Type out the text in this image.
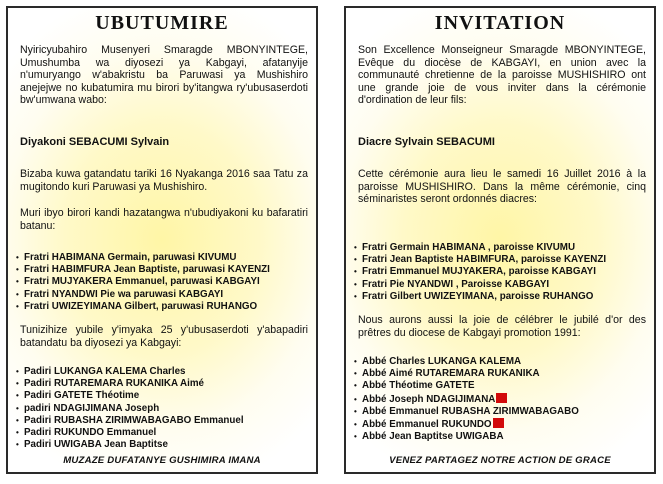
UBUTUMIRE

Nyiricyubahiro Musenyeri Smaragde MBONYINTEGE, Umushumba wa diyosezi ya Kabgayi, afatanyije n'umuryango w'abakristu ba Paruwasi ya Mushishiro anejejwe no kubatumira mu birori by'itangwa ry'ubusaserdoti bw'umwana wabo:

Diyakoni SEBACUMI Sylvain

Bizaba kuwa gatandatu tariki 16 Nyakanga 2016 saa Tatu za mugitondo kuri Paruwasi ya Mushishiro.

Muri ibyo birori kandi hazatangwa n'ubudiyakoni ku bafaratiri batanu:

• Fratri HABIMANA Germain, paruwasi KIVUMU
• Fratri HABIMFURA Jean Baptiste, paruwasi KAYENZI
• Fratri MUJYAKERA Emmanuel, paruwasi KABGAYI
• Fratri NYANDWI Pie wa paruwasi KABGAYI
• Fratri UWIZEYIMANA Gilbert, paruwasi RUHANGO

Tunizihize yubile y'imyaka 25 y'ubusaserdoti y'abapadiri batandatu ba diyosezi ya Kabgayi:

• Padiri LUKANGA KALEMA Charles
• Padiri RUTAREMARA RUKANIKA Aimé
• Padiri GATETE Théotime
• padiri NDAGIJIMANA Joseph
• Padiri RUBASHA ZIRIMWABAGABO Emmanuel
• Padiri RUKUNDO Emmanuel
• Padiri UWIGABA Jean Baptitse

MUZAZE DUFATANYE GUSHIMIRA IMANA

INVITATION

Son Excellence Monseigneur Smaragde MBONYINTEGE, Evêque du diocèse de KABGAYI, en union avec la communauté chretienne de la paroisse MUSHISHIRO ont une grande joie de vous inviter dans la cérémonie d'ordination de leur fils:

Diacre Sylvain SEBACUMI

Cette cérémonie aura lieu le samedi 16 Juillet 2016 à la paroisse MUSHISHIRO. Dans la même cérémonie, cinq séminaristes seront ordonnés diacres:

• Fratri Germain HABIMANA , paroisse KIVUMU
• Fratri Jean Baptiste HABIMFURA, paroisse KAYENZI
• Fratri Emmanuel MUJYAKERA, paroisse KABGAYI
• Fratri Pie NYANDWI , Paroisse KABGAYI
• Fratri Gilbert UWIZEYIMANA, paroisse RUHANGO

Nous aurons aussi la joie de célébrer le jubilé d'or des prêtres du diocese de Kabgayi promotion 1991:

• Abbé Charles LUKANGA KALEMA
• Abbé Aimé RUTAREMARA RUKANIKA
• Abbé Théotime GATETE
• Abbé Joseph NDAGIJIMANA
• Abbé Emmanuel RUBASHA ZIRIMWABAGABO
• Abbé Emmanuel RUKUNDO
• Abbé Jean Baptitse UWIGABA

VENEZ PARTAGEZ NOTRE ACTION DE GRACE
